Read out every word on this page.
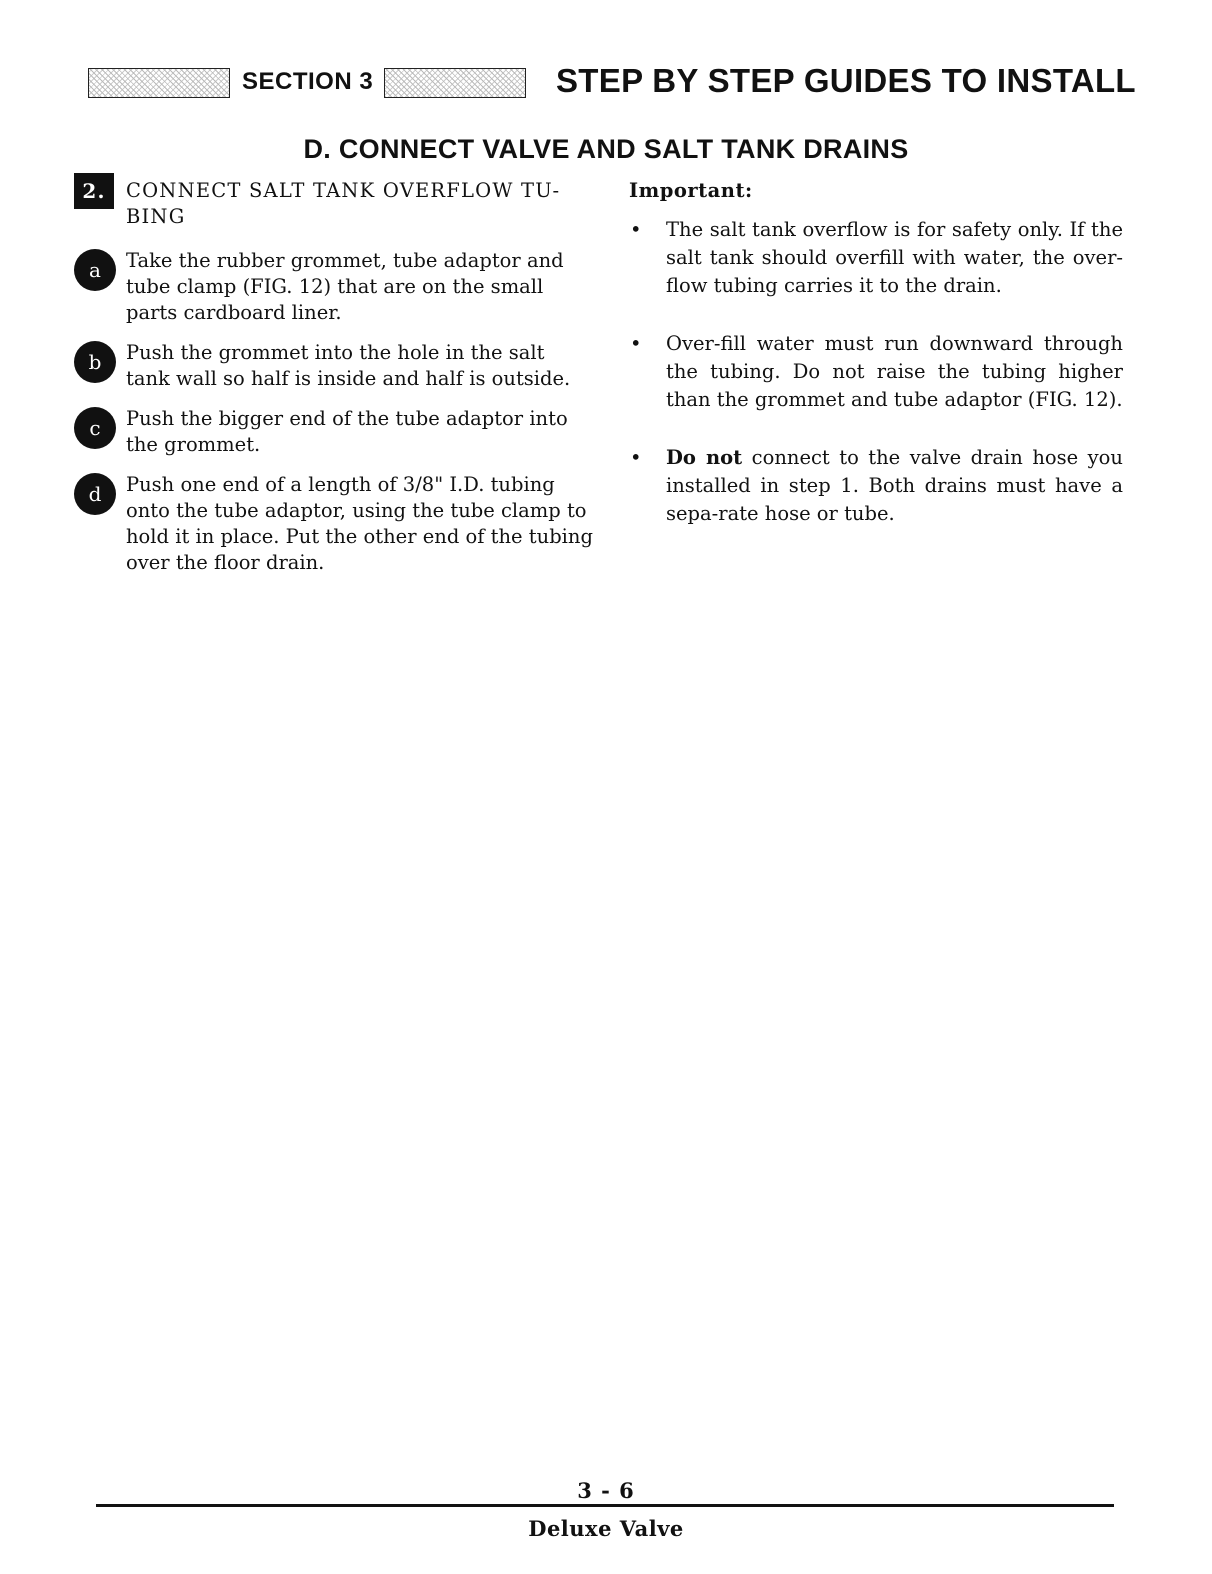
SECTION 3	STEP BY STEP GUIDES TO INSTALL
D. CONNECT VALVE AND SALT TANK DRAINS
2.	CONNECT SALT TANK OVERFLOW TU-BING
a	Take the rubber grommet, tube adaptor and tube clamp (FIG. 12) that are on the small parts cardboard liner.
b	Push the grommet into the hole in the salt tank wall so half is inside and half is outside.
c	Push the bigger end of the tube adaptor into the grommet.
d	Push one end of a length of 3/8" I.D. tubing onto the tube adaptor, using the tube clamp to hold it in place. Put the other end of the tubing over the floor drain.
Important:
• The salt tank overflow is for safety only. If the salt tank should overfill with water, the over-flow tubing carries it to the drain.
• Over-fill water must run downward through the tubing. Do not raise the tubing higher than the grommet and tube adaptor (FIG. 12).
• Do not connect to the valve drain hose you installed in step 1. Both drains must have a sepa-rate hose or tube.
3 - 6
Deluxe Valve
